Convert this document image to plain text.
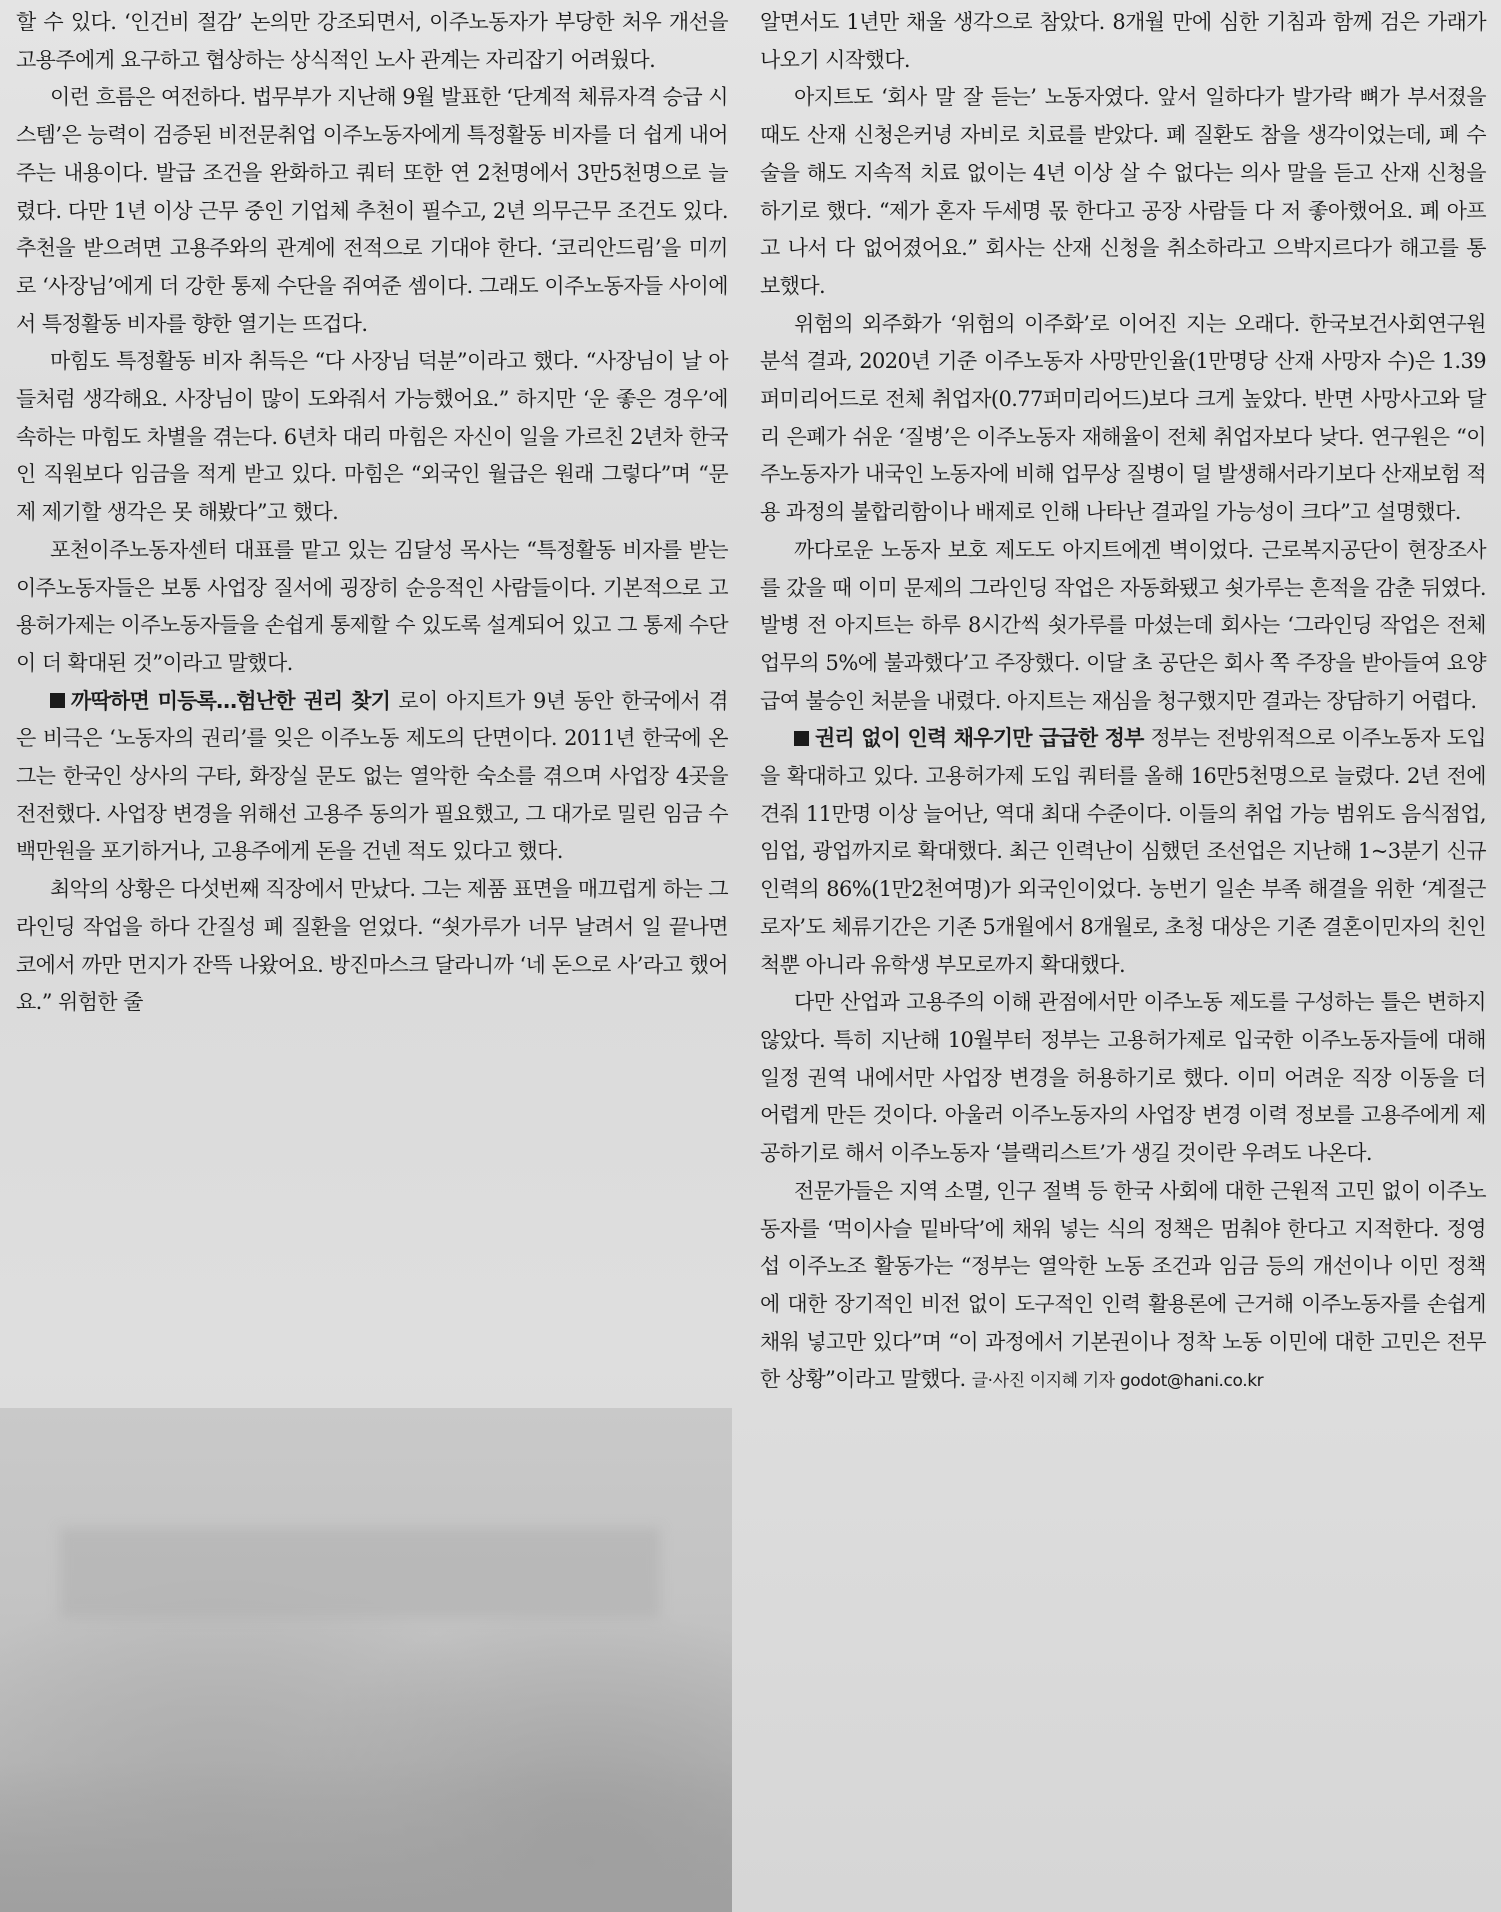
할 수 있다. ‘인건비 절감’ 논의만 강조되면서, 이주노동자가 부당한 처우 개선을 고용주에게 요구하고 협상하는 상식적인 노사 관계는 자리잡기 어려웠다.

이런 흐름은 여전하다. 법무부가 지난해 9월 발표한 ‘단계적 체류자격 승급 시스템’은 능력이 검증된 비전문취업 이주노동자에게 특정활동 비자를 더 쉽게 내어주는 내용이다. 발급 조건을 완화하고 쿼터 또한 연 2천명에서 3만5천명으로 늘렸다. 다만 1년 이상 근무 중인 기업체 추천이 필수고, 2년 의무근무 조건도 있다. 추천을 받으려면 고용주와의 관계에 전적으로 기대야 한다. ‘코리안드림’을 미끼로 ‘사장님’에게 더 강한 통제 수단을 쥐여준 셈이다. 그래도 이주노동자들 사이에서 특정활동 비자를 향한 열기는 뜨겁다.

마힘도 특정활동 비자 취득은 “다 사장님 덕분”이라고 했다. “사장님이 날 아들처럼 생각해요. 사장님이 많이 도와줘서 가능했어요.” 하지만 ‘운 좋은 경우’에 속하는 마힘도 차별을 겪는다. 6년차 대리 마힘은 자신이 일을 가르친 2년차 한국인 직원보다 임금을 적게 받고 있다. 마힘은 “외국인 월급은 원래 그렇다”며 “문제 제기할 생각은 못 해봤다”고 했다.

포천이주노동자센터 대표를 맡고 있는 김달성 목사는 “특정활동 비자를 받는 이주노동자들은 보통 사업장 질서에 굉장히 순응적인 사람들이다. 기본적으로 고용허가제는 이주노동자들을 손쉽게 통제할 수 있도록 설계되어 있고 그 통제 수단이 더 확대된 것”이라고 말했다.

까딱하면 미등록…험난한 권리 찾기 로이 아지트가 9년 동안 한국에서 겪은 비극은 ‘노동자의 권리’를 잊은 이주노동 제도의 단면이다. 2011년 한국에 온 그는 한국인 상사의 구타, 화장실 문도 없는 열악한 숙소를 겪으며 사업장 4곳을 전전했다. 사업장 변경을 위해선 고용주 동의가 필요했고, 그 대가로 밀린 임금 수백만원을 포기하거나, 고용주에게 돈을 건넨 적도 있다고 했다.

최악의 상황은 다섯번째 직장에서 만났다. 그는 제품 표면을 매끄럽게 하는 그라인딩 작업을 하다 간질성 폐 질환을 얻었다. “쇳가루가 너무 날려서 일 끝나면 코에서 까만 먼지가 잔뜩 나왔어요. 방진마스크 달라니까 ‘네 돈으로 사’라고 했어요.” 위험한 줄

알면서도 1년만 채울 생각으로 참았다. 8개월 만에 심한 기침과 함께 검은 가래가 나오기 시작했다.

아지트도 ‘회사 말 잘 듣는’ 노동자였다. 앞서 일하다가 발가락 뼈가 부서졌을 때도 산재 신청은커녕 자비로 치료를 받았다. 폐 질환도 참을 생각이었는데, 폐 수술을 해도 지속적 치료 없이는 4년 이상 살 수 없다는 의사 말을 듣고 산재 신청을 하기로 했다. “제가 혼자 두세명 몫 한다고 공장 사람들 다 저 좋아했어요. 폐 아프고 나서 다 없어졌어요.” 회사는 산재 신청을 취소하라고 으박지르다가 해고를 통보했다.

위험의 외주화가 ‘위험의 이주화’로 이어진 지는 오래다. 한국보건사회연구원 분석 결과, 2020년 기준 이주노동자 사망만인율(1만명당 산재 사망자 수)은 1.39퍼미리어드로 전체 취업자(0.77퍼미리어드)보다 크게 높았다. 반면 사망사고와 달리 은폐가 쉬운 ‘질병’은 이주노동자 재해율이 전체 취업자보다 낮다. 연구원은 “이주노동자가 내국인 노동자에 비해 업무상 질병이 덜 발생해서라기보다 산재보험 적용 과정의 불합리함이나 배제로 인해 나타난 결과일 가능성이 크다”고 설명했다.

까다로운 노동자 보호 제도도 아지트에겐 벽이었다. 근로복지공단이 현장조사를 갔을 때 이미 문제의 그라인딩 작업은 자동화됐고 쇳가루는 흔적을 감춘 뒤였다. 발병 전 아지트는 하루 8시간씩 쇳가루를 마셨는데 회사는 ‘그라인딩 작업은 전체 업무의 5%에 불과했다’고 주장했다. 이달 초 공단은 회사 쪽 주장을 받아들여 요양급여 불승인 처분을 내렸다. 아지트는 재심을 청구했지만 결과는 장담하기 어렵다.

권리 없이 인력 채우기만 급급한 정부 정부는 전방위적으로 이주노동자 도입을 확대하고 있다. 고용허가제 도입 쿼터를 올해 16만5천명으로 늘렸다. 2년 전에 견줘 11만명 이상 늘어난, 역대 최대 수준이다. 이들의 취업 가능 범위도 음식점업, 임업, 광업까지로 확대했다. 최근 인력난이 심했던 조선업은 지난해 1~3분기 신규 인력의 86%(1만2천여명)가 외국인이었다. 농번기 일손 부족 해결을 위한 ‘계절근로자’도 체류기간은 기존 5개월에서 8개월로, 초청 대상은 기존 결혼이민자의 친인척뿐 아니라 유학생 부모로까지 확대했다.

다만 산업과 고용주의 이해 관점에서만 이주노동 제도를 구성하는 틀은 변하지 않았다. 특히 지난해 10월부터 정부는 고용허가제로 입국한 이주노동자들에 대해 일정 권역 내에서만 사업장 변경을 허용하기로 했다. 이미 어려운 직장 이동을 더 어렵게 만든 것이다. 아울러 이주노동자의 사업장 변경 이력 정보를 고용주에게 제공하기로 해서 이주노동자 ‘블랙리스트’가 생길 것이란 우려도 나온다.

전문가들은 지역 소멸, 인구 절벽 등 한국 사회에 대한 근원적 고민 없이 이주노동자를 ‘먹이사슬 밑바닥’에 채워 넣는 식의 정책은 멈춰야 한다고 지적한다. 정영섭 이주노조 활동가는 “정부는 열악한 노동 조건과 임금 등의 개선이나 이민 정책에 대한 장기적인 비전 없이 도구적인 인력 활용론에 근거해 이주노동자를 손쉽게 채워 넣고만 있다”며 “이 과정에서 기본권이나 정착 노동 이민에 대한 고민은 전무한 상황”이라고 말했다. 글·사진 이지혜 기자 godot@hani.co.kr
